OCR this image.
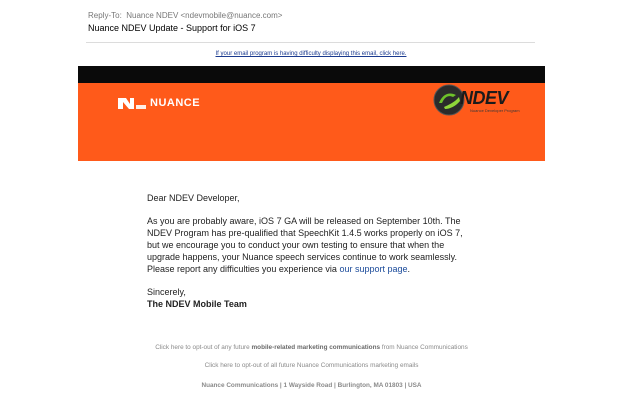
Reply-To: Nuance NDEV <ndevmobile@nuance.com>
Nuance NDEV Update - Support for iOS 7
If your email program is having difficulty displaying this email, click here.
NUANCE	NDEV
Nuance Developer Program

Dear NDEV Developer,

As you are probably aware, iOS 7 GA will be released on September 10th. The NDEV Program has pre-qualified that SpeechKit 1.4.5 works properly on iOS 7, but we encourage you to conduct your own testing to ensure that when the upgrade happens, your Nuance speech services continue to work seamlessly. Please report any difficulties you experience via our support page.

Sincerely,

The NDEV Mobile Team

Click here to opt-out of any future mobile-related marketing communications from Nuance Communications
Click here to opt-out of all future Nuance Communications marketing emails
Nuance Communications | 1 Wayside Road | Burlington, MA 01803 | USA
